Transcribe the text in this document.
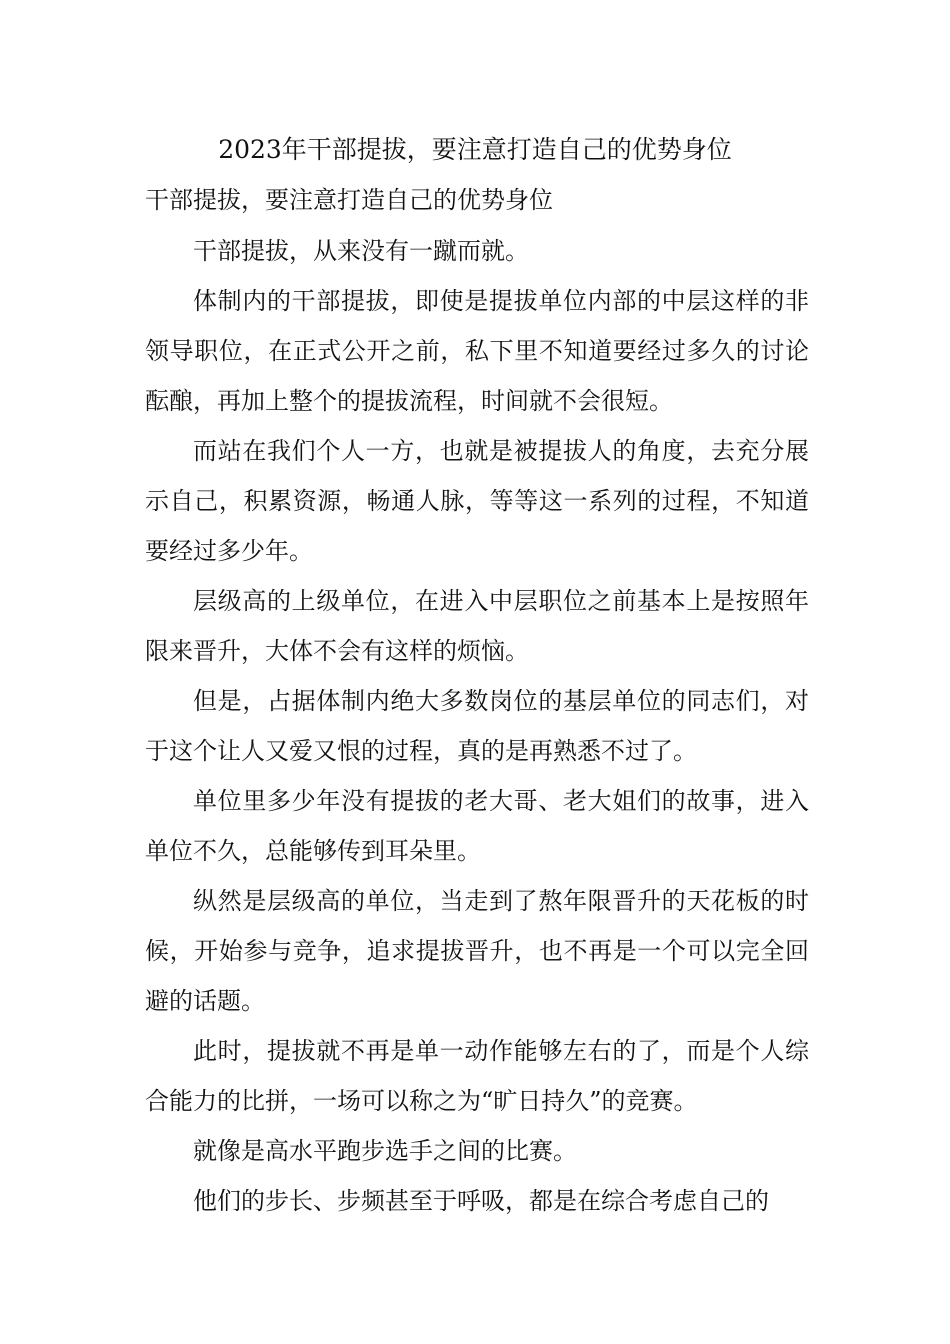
2023年干部提拔，要注意打造自己的优势身位
干部提拔，要注意打造自己的优势身位

干部提拔，从来没有一蹴而就。

体制内的干部提拔，即使是提拔单位内部的中层这样的非领导职位，在正式公开之前，私下里不知道要经过多久的讨论酝酿，再加上整个的提拔流程，时间就不会很短。

而站在我们个人一方，也就是被提拔人的角度，去充分展示自己，积累资源，畅通人脉，等等这一系列的过程，不知道要经过多少年。

层级高的上级单位，在进入中层职位之前基本上是按照年限来晋升，大体不会有这样的烦恼。

但是，占据体制内绝大多数岗位的基层单位的同志们，对于这个让人又爱又恨的过程，真的是再熟悉不过了。

单位里多少年没有提拔的老大哥、老大姐们的故事，进入单位不久，总能够传到耳朵里。

纵然是层级高的单位，当走到了熬年限晋升的天花板的时候，开始参与竞争，追求提拔晋升，也不再是一个可以完全回避的话题。

此时，提拔就不再是单一动作能够左右的了，而是个人综合能力的比拼，一场可以称之为“旷日持久”的竞赛。

就像是高水平跑步选手之间的比赛。

他们的步长、步频甚至于呼吸，都是在综合考虑自己的
